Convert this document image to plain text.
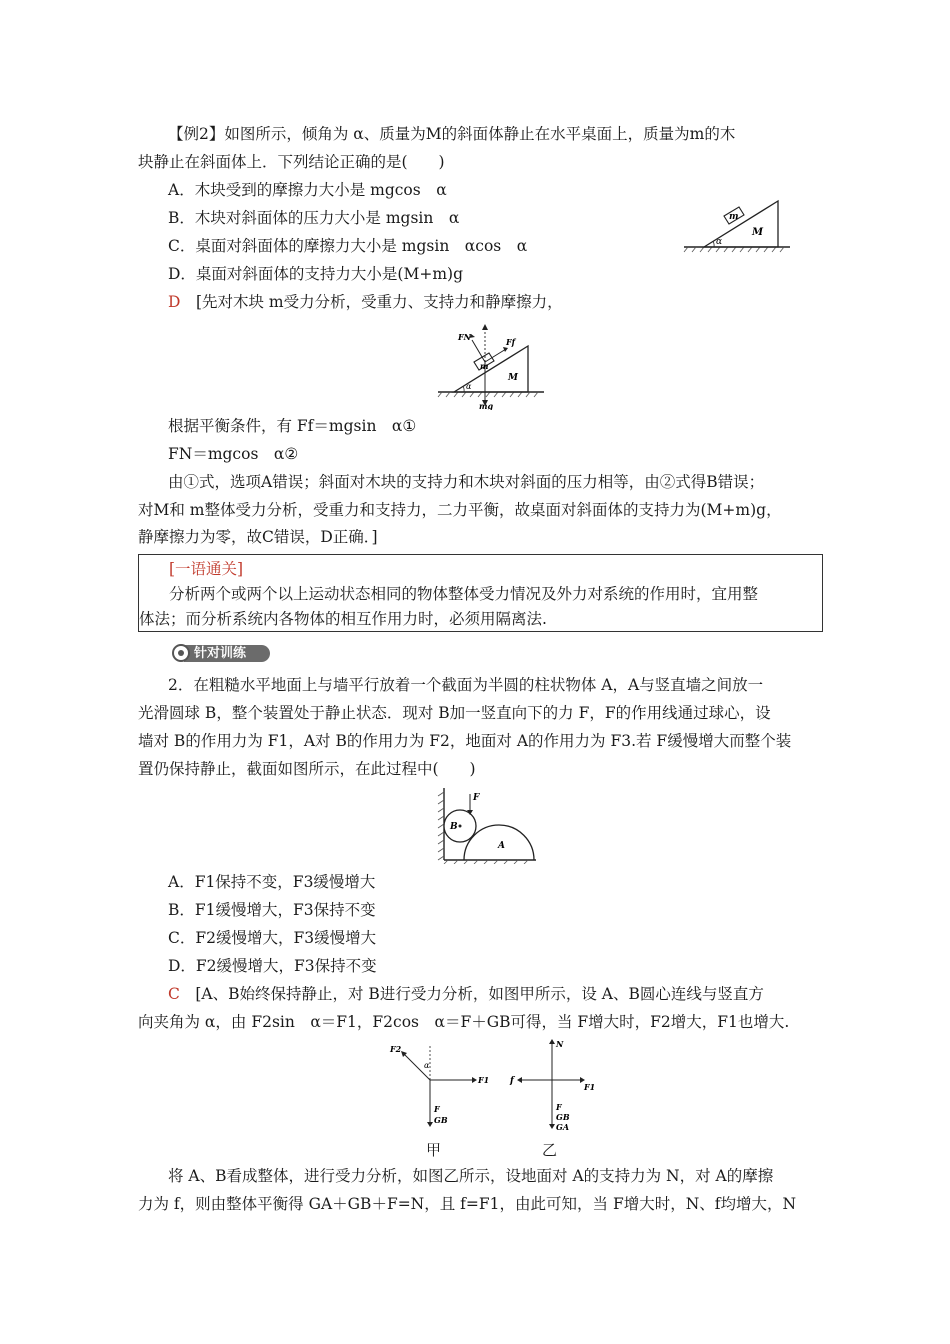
【例2】如图所示，倾角为 α、质量为M的斜面体静止在水平桌面上，质量为m的木
块静止在斜面体上．下列结论正确的是(　　)
A．木块受到的摩擦力大小是 mgcos　α
B．木块对斜面体的压力大小是 mgsin　α
C．桌面对斜面体的摩擦力大小是 mgsin　αcos　α
D．桌面对斜面体的支持力大小是(M+m)g
D　[先对木块 m受力分析，受重力、支持力和静摩擦力，
m
M
α
FN	Ff
m
M
α
mg
根据平衡条件，有 Ff＝mgsin　α①
FN＝mgcos　α②
由①式，选项A错误；斜面对木块的支持力和木块对斜面的压力相等，由②式得B错误；
对M和 m整体受力分析，受重力和支持力，二力平衡，故桌面对斜面体的支持力为(M+m)g，
静摩擦力为零，故C错误，D正确．]
[一语通关]
分析两个或两个以上运动状态相同的物体整体受力情况及外力对系统的作用时，宜用整
体法；而分析系统内各物体的相互作用力时，必须用隔离法.
针对训练
2．在粗糙水平地面上与墙平行放着一个截面为半圆的柱状物体 A，A与竖直墙之间放一
光滑圆球 B，整个装置处于静止状态．现对 B加一竖直向下的力 F，F的作用线通过球心，设
墙对 B的作用力为 F1，A对 B的作用力为 F2，地面对 A的作用力为 F3.若 F缓慢增大而整个装
置仍保持静止，截面如图所示，在此过程中(　　)
F
B
A
A．F1保持不变，F3缓慢增大
B．F1缓慢增大，F3保持不变
C．F2缓慢增大，F3缓慢增大
D．F2缓慢增大，F3保持不变
C　[A、B始终保持静止，对 B进行受力分析，如图甲所示，设 A、B圆心连线与竖直方
向夹角为 α，由 F2sin　α＝F1，F2cos　α＝F＋GB可得，当 F增大时，F2增大，F1也增大.
F2
α
F1
F
GB
N
f
F1
F
GB
GA
甲	乙
将 A、B看成整体，进行受力分析，如图乙所示，设地面对 A的支持力为 N，对 A的摩擦
力为 f，则由整体平衡得 GA＋GB＋F=N，且 f=F1，由此可知，当 F增大时，N、f均增大，N
